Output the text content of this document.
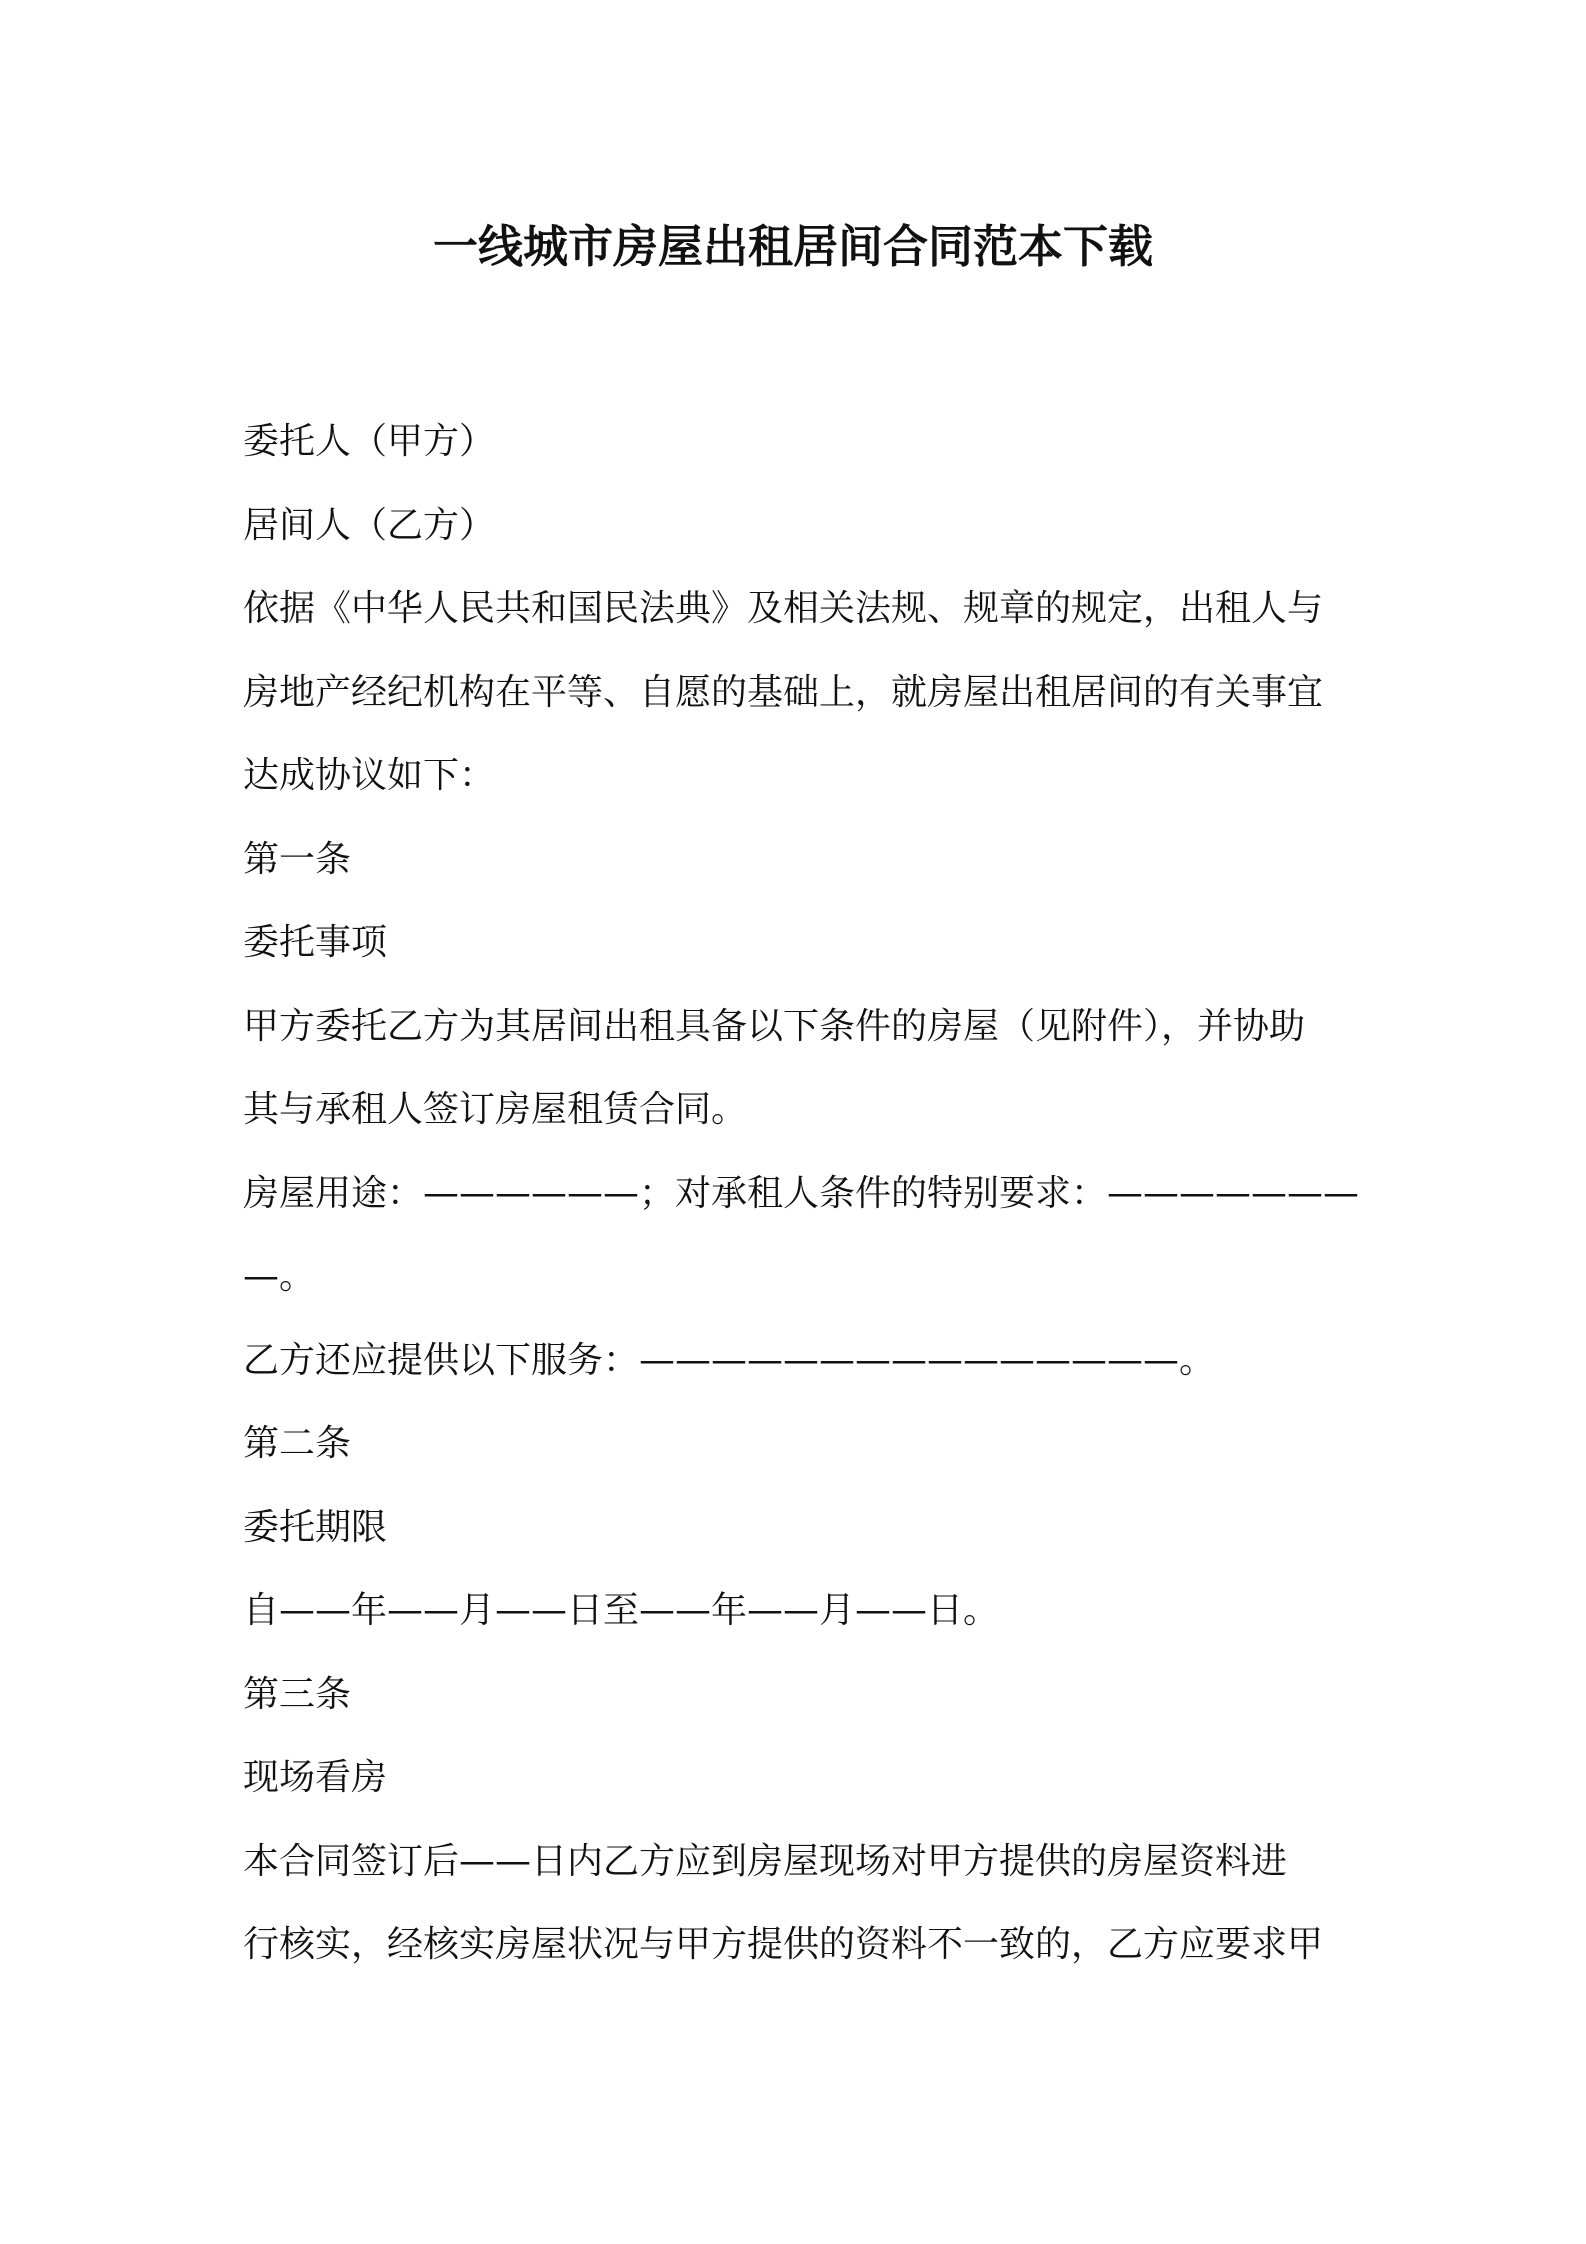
一线城市房屋出租居间合同范本下载

委托人（甲方）

居间人（乙方）

依据《中华人民共和国民法典》及相关法规、规章的规定，出租人与

房地产经纪机构在平等、自愿的基础上，就房屋出租居间的有关事宜

达成协议如下：

第一条

委托事项

甲方委托乙方为其居间出租具备以下条件的房屋（见附件），并协助

其与承租人签订房屋租赁合同。

房屋用途：——————；对承租人条件的特别要求：———————

—。

乙方还应提供以下服务：———————————————。

第二条

委托期限

自——年——月——日至——年——月——日。

第三条

现场看房

本合同签订后——日内乙方应到房屋现场对甲方提供的房屋资料进

行核实，经核实房屋状况与甲方提供的资料不一致的，乙方应要求甲
